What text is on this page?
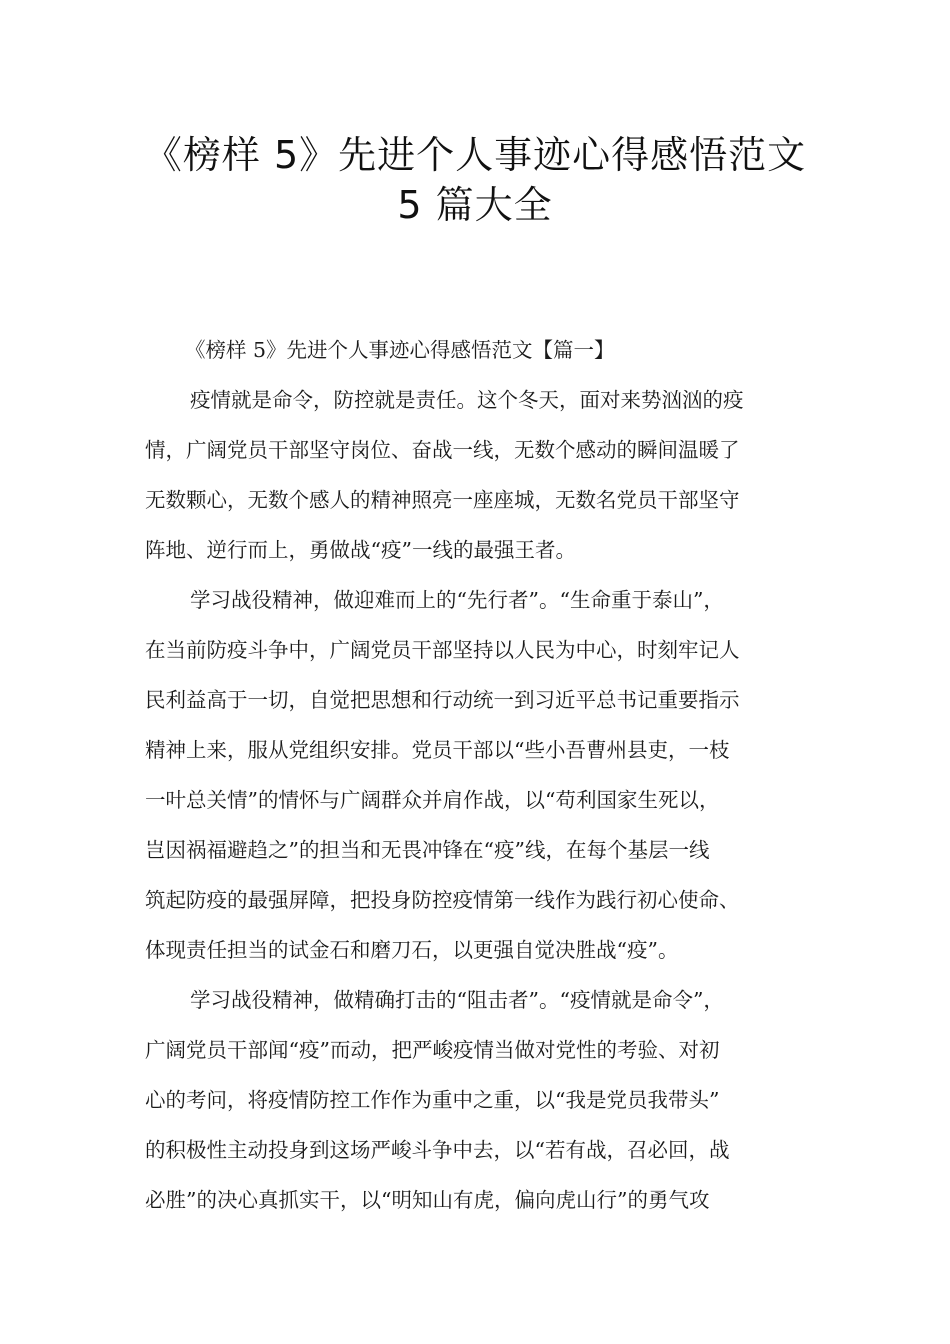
《榜样 5》先进个人事迹心得感悟范文
5 篇大全
《榜样 5》先进个人事迹心得感悟范文【篇一】
疫情就是命令，防控就是责任。这个冬天，面对来势汹汹的疫
情，广阔党员干部坚守岗位、奋战一线，无数个感动的瞬间温暖了
无数颗心，无数个感人的精神照亮一座座城，无数名党员干部坚守
阵地、逆行而上，勇做战“疫”一线的最强王者。
学习战役精神，做迎难而上的“先行者”。“生命重于泰山”，
在当前防疫斗争中，广阔党员干部坚持以人民为中心，时刻牢记人
民利益高于一切，自觉把思想和行动统一到习近平总书记重要指示
精神上来，服从党组织安排。党员干部以“些小吾曹州县吏，一枝
一叶总关情”的情怀与广阔群众并肩作战，以“苟利国家生死以，
岂因祸福避趋之”的担当和无畏冲锋在“疫”线，在每个基层一线
筑起防疫的最强屏障，把投身防控疫情第一线作为践行初心使命、
体现责任担当的试金石和磨刀石，以更强自觉决胜战“疫”。
学习战役精神，做精确打击的“阻击者”。“疫情就是命令”，
广阔党员干部闻“疫”而动，把严峻疫情当做对党性的考验、对初
心的考问，将疫情防控工作作为重中之重，以“我是党员我带头”
的积极性主动投身到这场严峻斗争中去，以“若有战，召必回，战
必胜”的决心真抓实干，以“明知山有虎，偏向虎山行”的勇气攻
